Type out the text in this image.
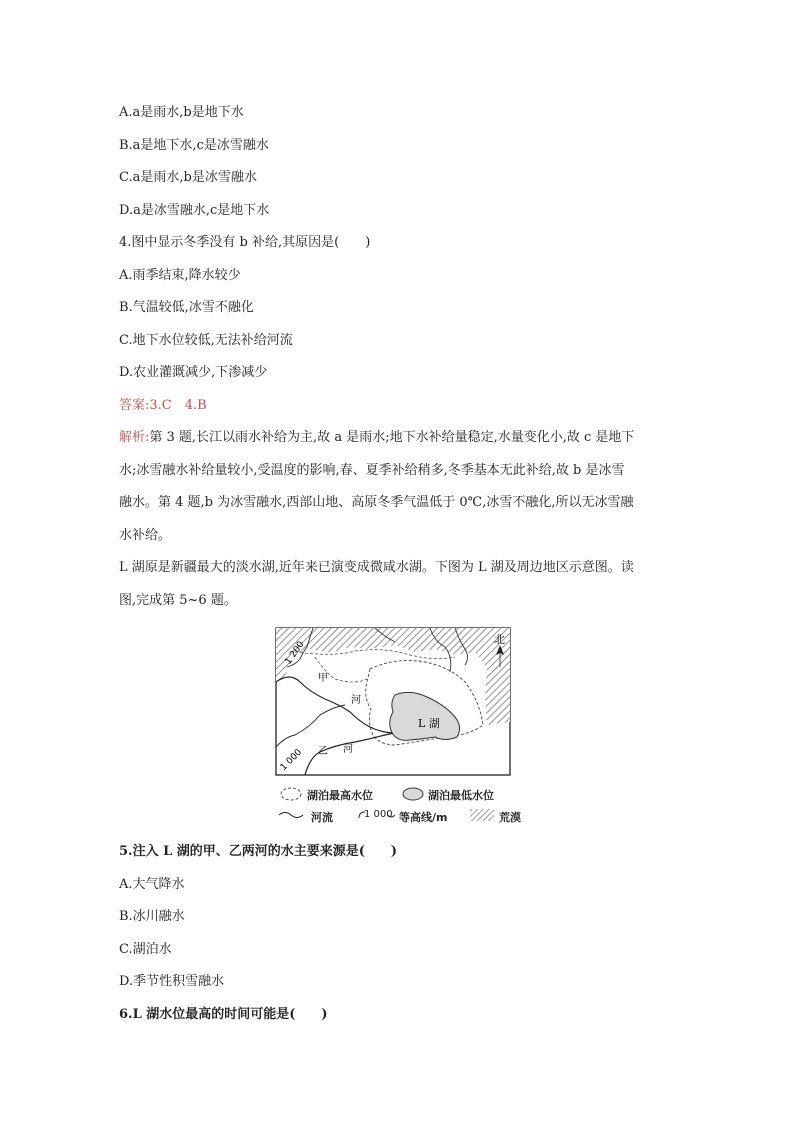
A.a是雨水,b是地下水
B.a是地下水,c是冰雪融水
C.a是雨水,b是冰雪融水
D.a是冰雪融水,c是地下水
4.图中显示冬季没有 b 补给,其原因是(　　)
A.雨季结束,降水较少
B.气温较低,冰雪不融化
C.地下水位较低,无法补给河流
D.农业灌溉减少,下渗减少
答案:3.C　4.B
解析:第 3 题,长江以雨水补给为主,故 a 是雨水;地下水补给量稳定,水量变化小,故 c 是地下
水;冰雪融水补给量较小,受温度的影响,春、夏季补给稍多,冬季基本无此补给,故 b 是冰雪
融水。第 4 题,b 为冰雪融水,西部山地、高原冬季气温低于 0℃,冰雪不融化,所以无冰雪融
水补给。
L 湖原是新疆最大的淡水湖,近年来已演变成微咸水湖。下图为 L 湖及周边地区示意图。读
图,完成第 5~6 题。
北
L 湖
甲
河
乙 河
1 200
1 000
湖泊最高水位	湖泊最低水位
河流	1 000 等高线/m	荒漠
5.注入 L 湖的甲、乙两河的水主要来源是(　　)
A.大气降水
B.冰川融水
C.湖泊水
D.季节性积雪融水
6.L 湖水位最高的时间可能是(　　)
